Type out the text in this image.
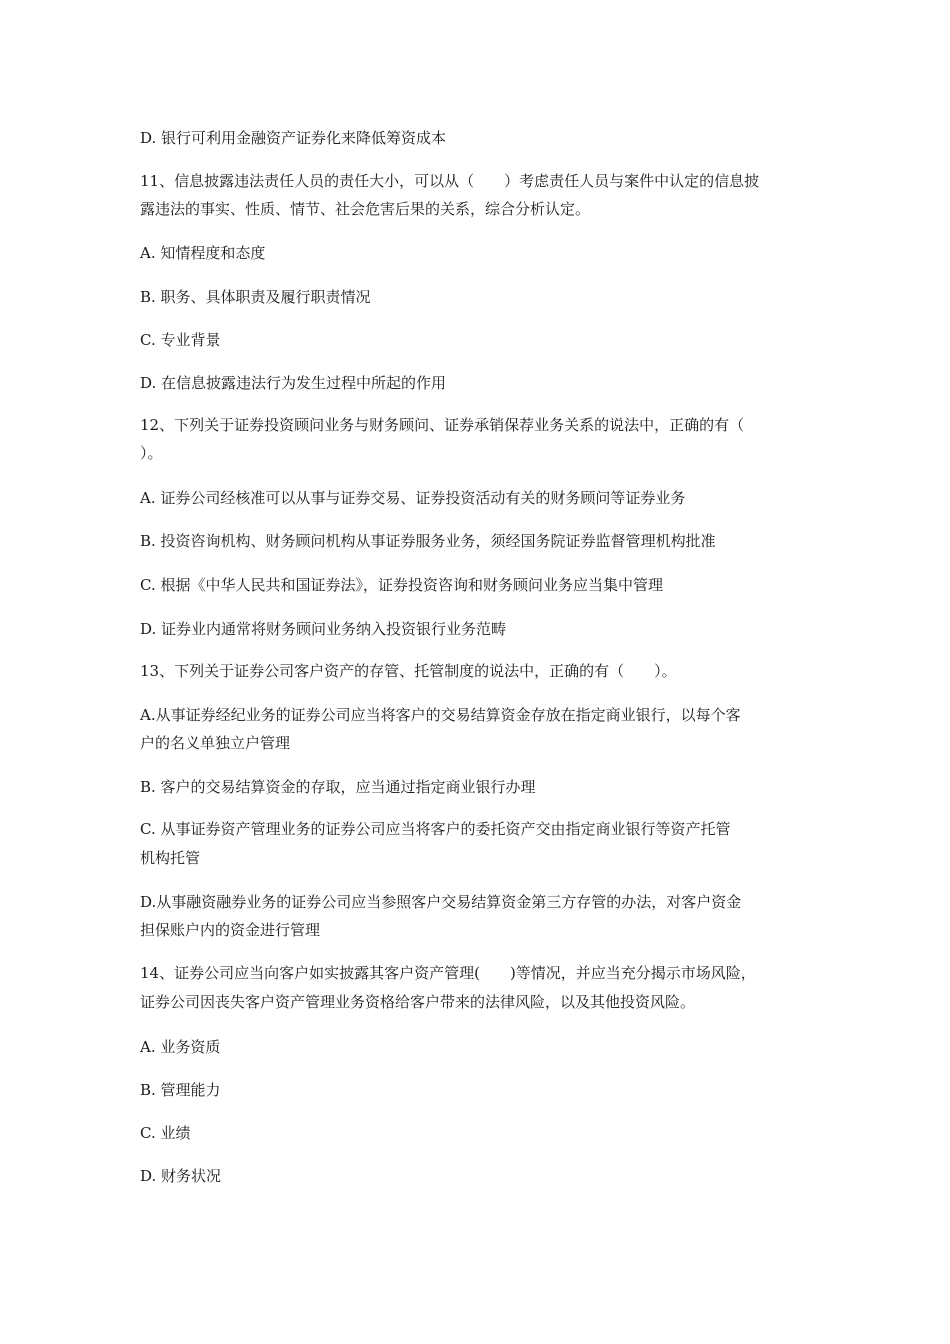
D. 银行可利用金融资产证券化来降低筹资成本
11、信息披露违法责任人员的责任大小，可以从（　　）考虑责任人员与案件中认定的信息披
露违法的事实、性质、情节、社会危害后果的关系，综合分析认定。
A. 知情程度和态度
B. 职务、具体职责及履行职责情况
C. 专业背景
D. 在信息披露违法行为发生过程中所起的作用
12、下列关于证券投资顾问业务与财务顾问、证券承销保荐业务关系的说法中，正确的有（
）。
A. 证券公司经核准可以从事与证券交易、证券投资活动有关的财务顾问等证券业务
B. 投资咨询机构、财务顾问机构从事证券服务业务，须经国务院证券监督管理机构批准
C. 根据《中华人民共和国证券法》，证券投资咨询和财务顾问业务应当集中管理
D. 证券业内通常将财务顾问业务纳入投资银行业务范畴
13、下列关于证券公司客户资产的存管、托管制度的说法中，正确的有（　　）。
A.从事证券经纪业务的证券公司应当将客户的交易结算资金存放在指定商业银行，以每个客
户的名义单独立户管理
B. 客户的交易结算资金的存取，应当通过指定商业银行办理
C. 从事证券资产管理业务的证券公司应当将客户的委托资产交由指定商业银行等资产托管
机构托管
D.从事融资融券业务的证券公司应当参照客户交易结算资金第三方存管的办法，对客户资金
担保账户内的资金进行管理
14、证券公司应当向客户如实披露其客户资产管理(　　)等情况，并应当充分揭示市场风险，
证券公司因丧失客户资产管理业务资格给客户带来的法律风险，以及其他投资风险。
A. 业务资质
B. 管理能力
C. 业绩
D. 财务状况
